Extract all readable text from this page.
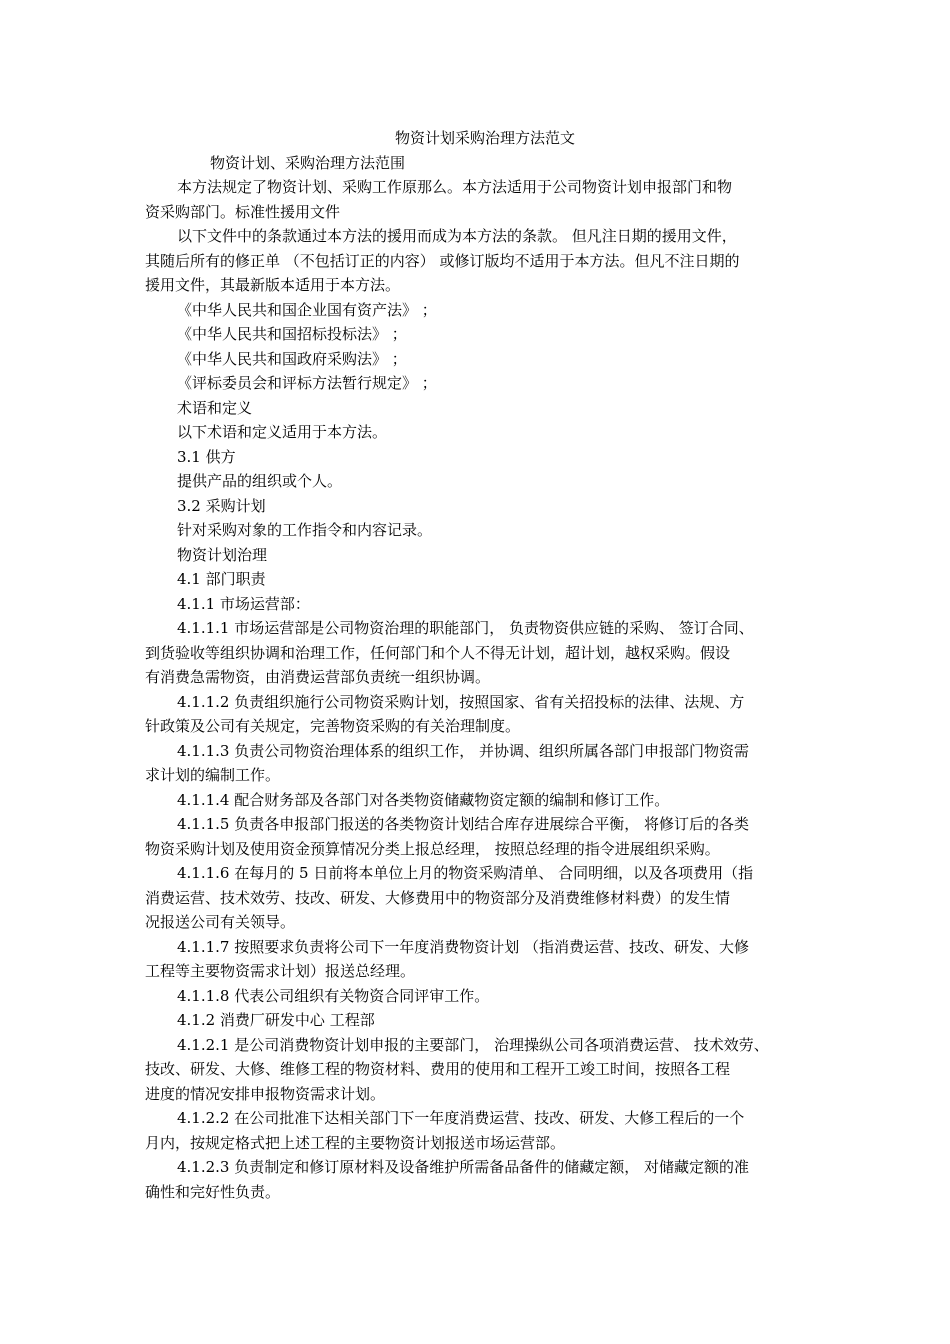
物资计划采购治理方法范文

物资计划、采购治理方法范围

本方法规定了物资计划、采购工作原那么。本方法适用于公司物资计划申报部门和物

资采购部门。标准性援用文件

以下文件中的条款通过本方法的援用而成为本方法的条款。 但凡注日期的援用文件，

其随后所有的修正单 （不包括订正的内容） 或修订版均不适用于本方法。但凡不注日期的

援用文件，其最新版本适用于本方法。

《中华人民共和国企业国有资产法》 ；

《中华人民共和国招标投标法》 ；

《中华人民共和国政府采购法》 ；

《评标委员会和评标方法暂行规定》 ；

术语和定义

以下术语和定义适用于本方法。

3.1 供方

提供产品的组织或个人。

3.2 采购计划

针对采购对象的工作指令和内容记录。

物资计划治理

4.1 部门职责

4.1.1 市场运营部：

4.1.1.1 市场运营部是公司物资治理的职能部门， 负责物资供应链的采购、 签订合同、

到货验收等组织协调和治理工作，任何部门和个人不得无计划，超计划，越权采购。假设

有消费急需物资，由消费运营部负责统一组织协调。

4.1.1.2 负责组织施行公司物资采购计划，按照国家、省有关招投标的法律、法规、方

针政策及公司有关规定，完善物资采购的有关治理制度。

4.1.1.3 负责公司物资治理体系的组织工作， 并协调、组织所属各部门申报部门物资需

求计划的编制工作。

4.1.1.4 配合财务部及各部门对各类物资储藏物资定额的编制和修订工作。

4.1.1.5 负责各申报部门报送的各类物资计划结合库存进展综合平衡， 将修订后的各类

物资采购计划及使用资金预算情况分类上报总经理， 按照总经理的指令进展组织采购。

4.1.1.6 在每月的 5 日前将本单位上月的物资采购清单、 合同明细，以及各项费用（指

消费运营、技术效劳、技改、研发、大修费用中的物资部分及消费维修材料费）的发生情

况报送公司有关领导。

4.1.1.7 按照要求负责将公司下一年度消费物资计划 （指消费运营、技改、研发、大修

工程等主要物资需求计划）报送总经理。

4.1.1.8 代表公司组织有关物资合同评审工作。

4.1.2 消费厂研发中心 工程部

4.1.2.1 是公司消费物资计划申报的主要部门， 治理操纵公司各项消费运营、 技术效劳、

技改、研发、大修、维修工程的物资材料、费用的使用和工程开工竣工时间，按照各工程

进度的情况安排申报物资需求计划。

4.1.2.2 在公司批准下达相关部门下一年度消费运营、技改、研发、大修工程后的一个

月内，按规定格式把上述工程的主要物资计划报送市场运营部。

4.1.2.3 负责制定和修订原材料及设备维护所需备品备件的储藏定额， 对储藏定额的准

确性和完好性负责。
